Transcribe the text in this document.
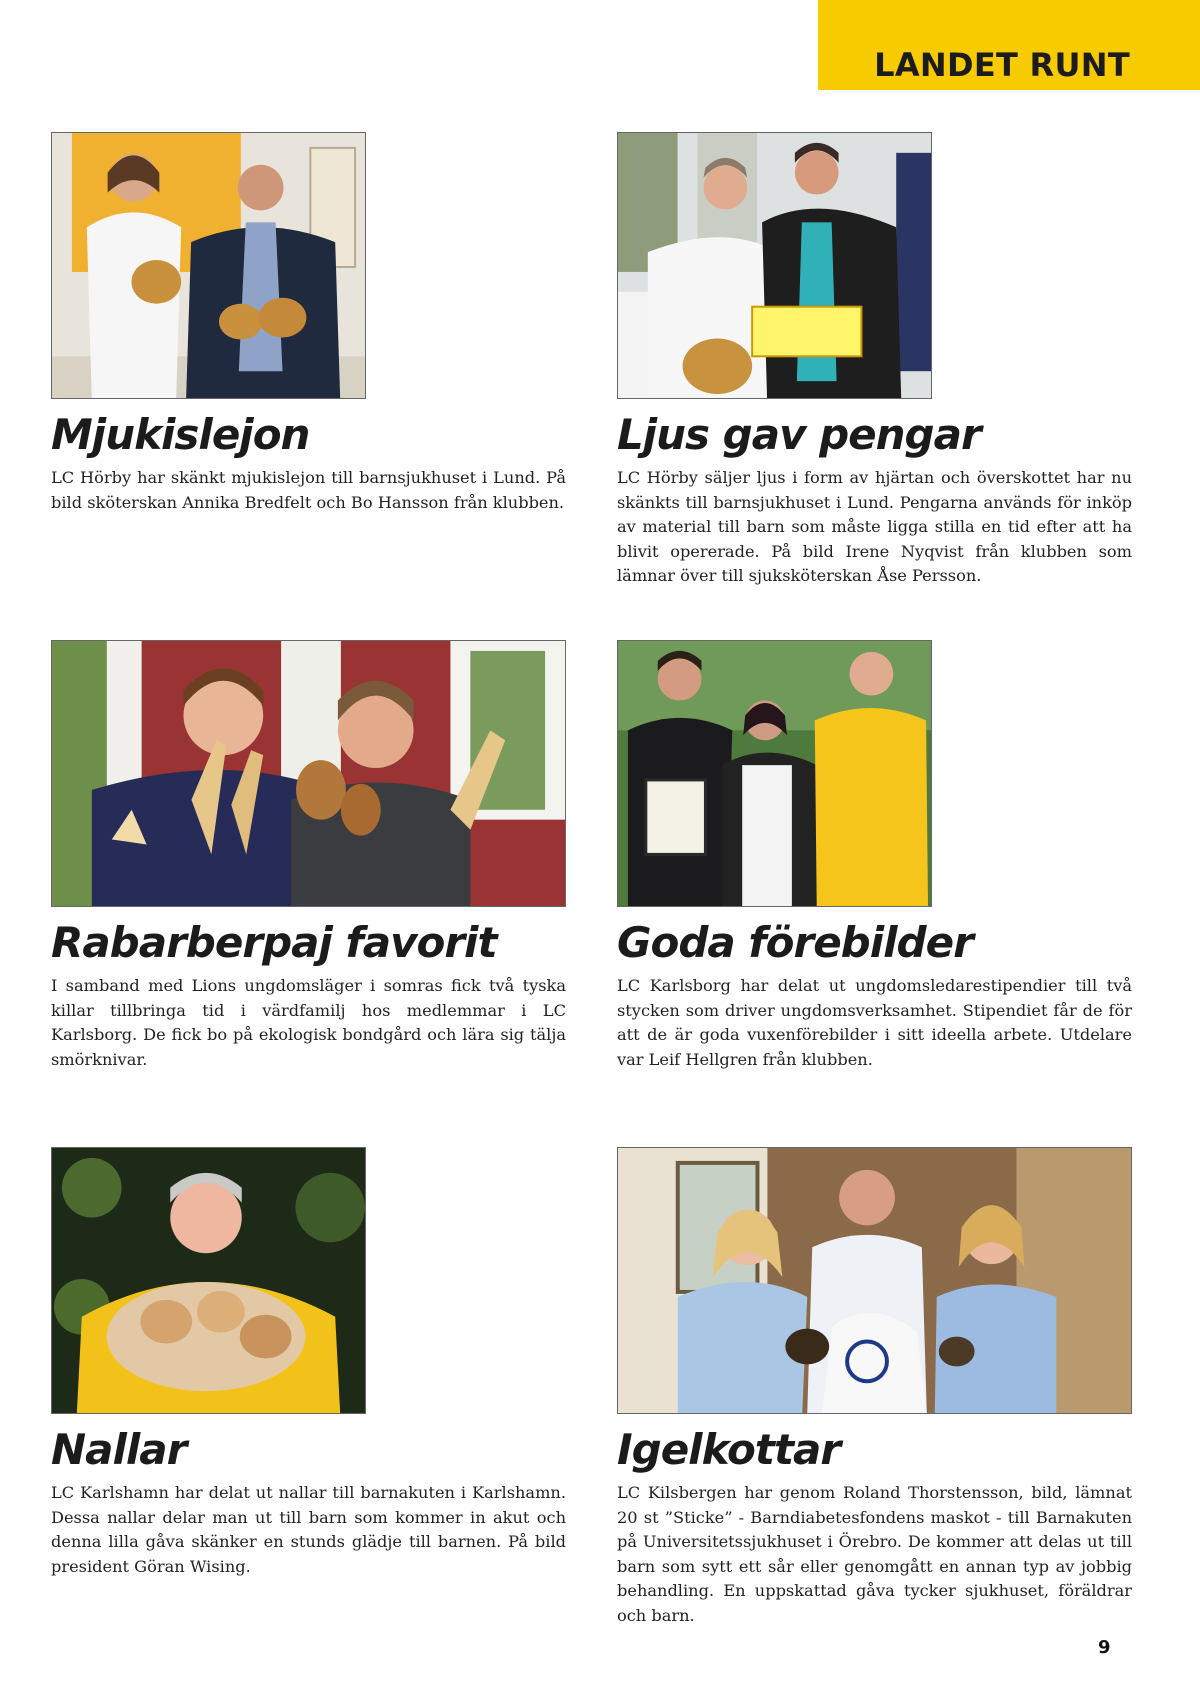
LANDET RUNT
Mjukislejon

LC Hörby har skänkt mjukislejon till barnsjukhuset i Lund. På bild sköterskan Annika Bredfelt och Bo Hansson från klubben.

Ljus gav pengar

LC Hörby säljer ljus i form av hjärtan och överskottet har nu skänkts till barnsjukhuset i Lund. Pengarna används för inköp av material till barn som måste ligga stilla en tid efter att ha blivit opererade. På bild Irene Nyqvist från klubben som lämnar över till sjuksköterskan Åse Persson.

Rabarberpaj favorit

I samband med Lions ungdomsläger i somras fick två tyska killar tillbringa tid i värdfamilj hos medlemmar i LC Karlsborg. De fick bo på ekologisk bondgård och lära sig tälja smörknivar.

Goda förebilder

LC Karlsborg har delat ut ungdomsledarestipendier till två stycken som driver ungdomsverksamhet. Stipendiet får de för att de är goda vuxenförebilder i sitt ideella arbete. Utdelare var Leif Hellgren från klubben.

Nallar

LC Karlshamn har delat ut nallar till barnakuten i Karlshamn. Dessa nallar delar man ut till barn som kommer in akut och denna lilla gåva skänker en stunds glädje till barnen. På bild president Göran Wising.

Igelkottar

LC Kilsbergen har genom Roland Thorstensson, bild, lämnat 20 st ”Sticke” - Barndiabetesfondens maskot - till Barnakuten på Universitetssjukhuset i Örebro. De kommer att delas ut till barn som sytt ett sår eller genomgått en annan typ av jobbig behandling. En uppskattad gåva tycker sjukhuset, föräldrar och barn.

9
